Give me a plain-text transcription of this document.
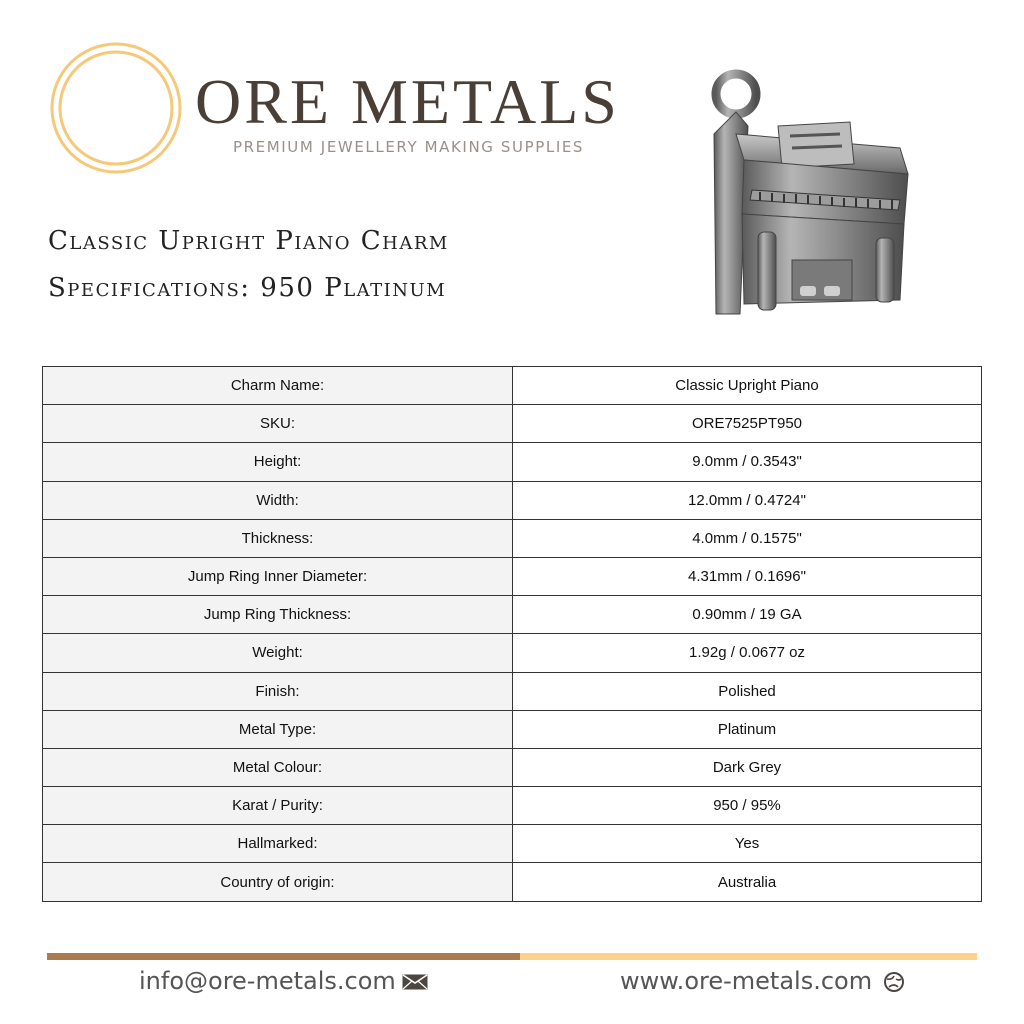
ORE METALS
PREMIUM JEWELLERY MAKING SUPPLIES
Classic Upright Piano Charm
Specifications: 950 Platinum
Charm Name:	Classic Upright Piano
SKU:	ORE7525PT950
Height:	9.0mm / 0.3543"
Width:	12.0mm / 0.4724"
Thickness:	4.0mm / 0.1575"
Jump Ring Inner Diameter:	4.31mm / 0.1696"
Jump Ring Thickness:	0.90mm / 19 GA
Weight:	1.92g / 0.0677 oz
Finish:	Polished
Metal Type:	Platinum
Metal Colour:	Dark Grey
Karat / Purity:	950 / 95%
Hallmarked:	Yes
Country of origin:	Australia
info@ore-metals.com	www.ore-metals.com
